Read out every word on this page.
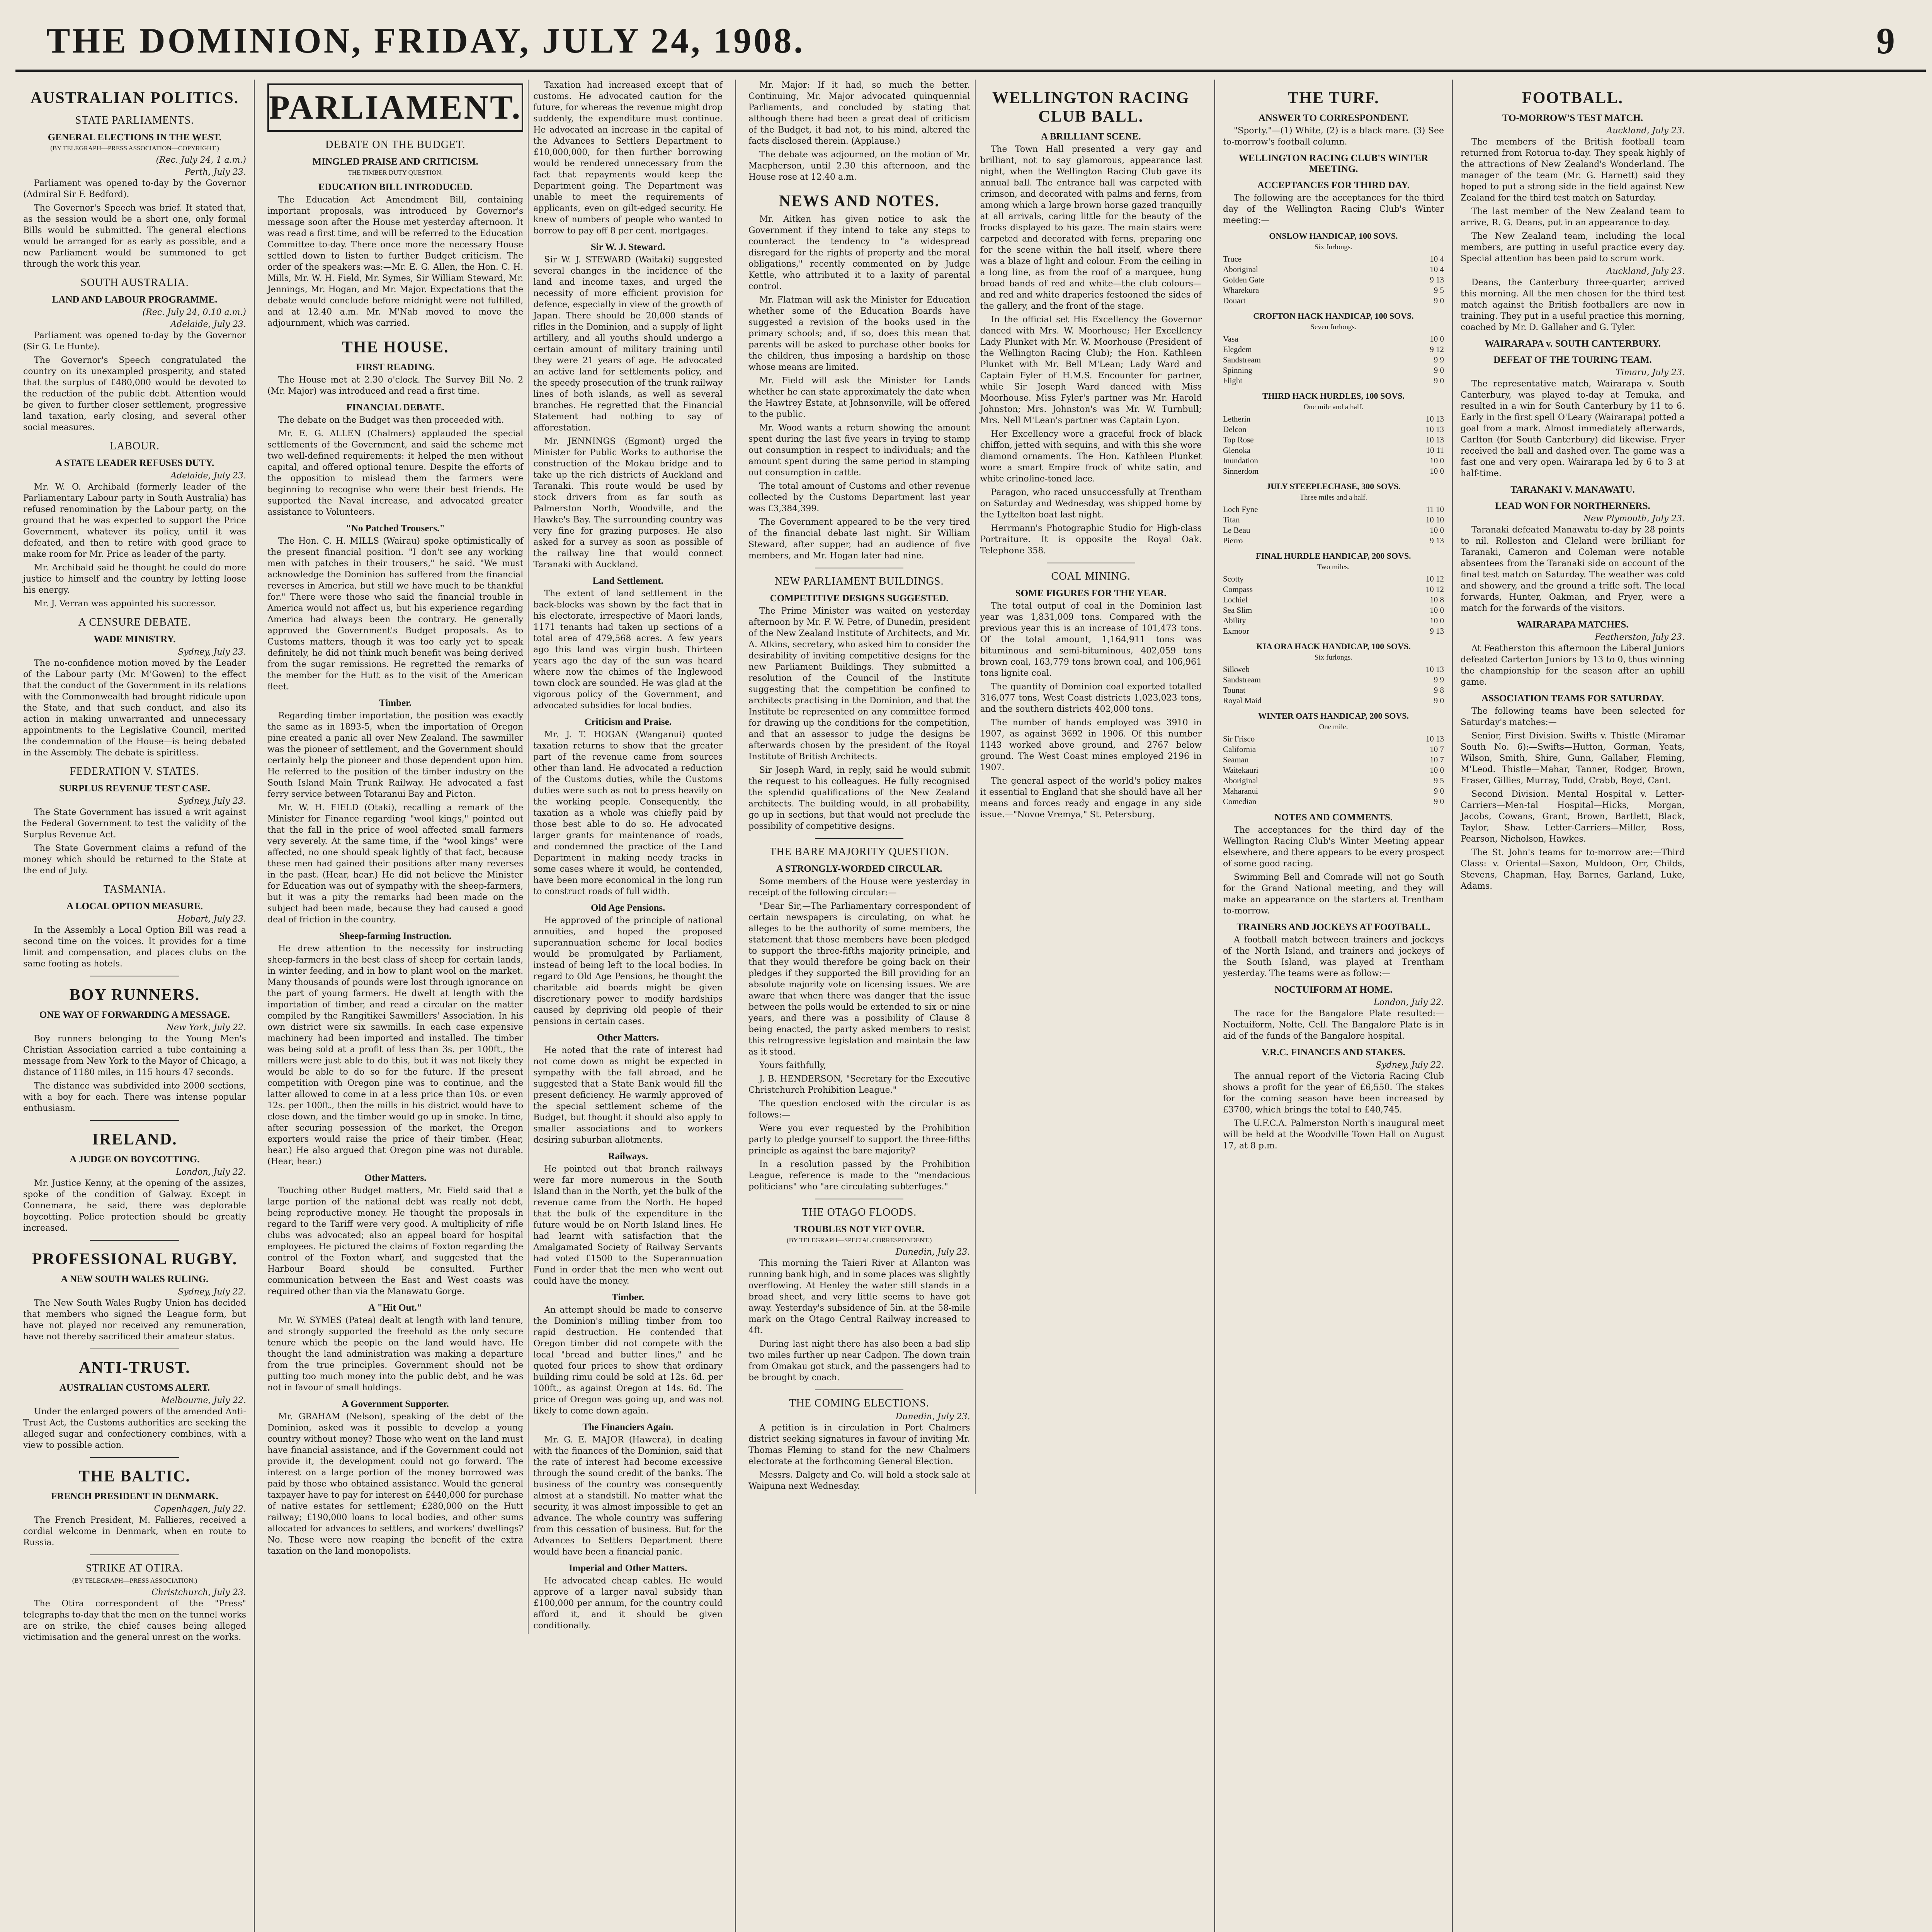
THE DOMINION, FRIDAY, JULY 24, 1908.	9
AUSTRALIAN POLITICS.
STATE PARLIAMENTS.
GENERAL ELECTIONS IN THE WEST.
(BY TELEGRAPH—PRESS ASSOCIATION—COPYRIGHT.)
(Rec. July 24, 1 a.m.)
Perth, July 23.

Parliament was opened to-day by the Governor (Admiral Sir F. Bedford).

The Governor's Speech was brief. It stated that, as the session would be a short one, only formal Bills would be submitted. The general elections would be arranged for as early as possible, and a new Parliament would be summoned to get through the work this year.

SOUTH AUSTRALIA.
LAND AND LABOUR PROGRAMME.
(Rec. July 24, 0.10 a.m.)
Adelaide, July 23.

Parliament was opened to-day by the Governor (Sir G. Le Hunte).

The Governor's Speech congratulated the country on its unexampled prosperity, and stated that the surplus of £480,000 would be devoted to the reduction of the public debt. Attention would be given to further closer settlement, progressive land taxation, early closing, and several other social measures.

LABOUR.
A STATE LEADER REFUSES DUTY.
Adelaide, July 23.

Mr. W. O. Archibald (formerly leader of the Parliamentary Labour party in South Australia) has refused renomination by the Labour party, on the ground that he was expected to support the Price Government, whatever its policy, until it was defeated, and then to retire with good grace to make room for Mr. Price as leader of the party.

Mr. Archibald said he thought he could do more justice to himself and the country by letting loose his energy.

Mr. J. Verran was appointed his successor.

A CENSURE DEBATE.
WADE MINISTRY.
Sydney, July 23.

The no-confidence motion moved by the Leader of the Labour party (Mr. M'Gowen) to the effect that the conduct of the Government in its relations with the Commonwealth had brought ridicule upon the State, and that such conduct, and also its action in making unwarranted and unnecessary appointments to the Legislative Council, merited the condemnation of the House—is being debated in the Assembly. The debate is spiritless.

FEDERATION V. STATES.
SURPLUS REVENUE TEST CASE.
Sydney, July 23.

The State Government has issued a writ against the Federal Government to test the validity of the Surplus Revenue Act.

The State Government claims a refund of the money which should be returned to the State at the end of July.

TASMANIA.
A LOCAL OPTION MEASURE.
Hobart, July 23.

In the Assembly a Local Option Bill was read a second time on the voices. It provides for a time limit and compensation, and places clubs on the same footing as hotels.

BOY RUNNERS.
ONE WAY OF FORWARDING A MESSAGE.
New York, July 22.

Boy runners belonging to the Young Men's Christian Association carried a tube containing a message from New York to the Mayor of Chicago, a distance of 1180 miles, in 115 hours 47 seconds.

The distance was subdivided into 2000 sections, with a boy for each. There was intense popular enthusiasm.

IRELAND.
A JUDGE ON BOYCOTTING.
London, July 22.

Mr. Justice Kenny, at the opening of the assizes, spoke of the condition of Galway. Except in Connemara, he said, there was deplorable boycotting. Police protection should be greatly increased.

PROFESSIONAL RUGBY.
A NEW SOUTH WALES RULING.
Sydney, July 22.

The New South Wales Rugby Union has decided that members who signed the League form, but have not played nor received any remuneration, have not thereby sacrificed their amateur status.

ANTI-TRUST.
AUSTRALIAN CUSTOMS ALERT.
Melbourne, July 22.

Under the enlarged powers of the amended Anti-Trust Act, the Customs authorities are seeking the alleged sugar and confectionery combines, with a view to possible action.

THE BALTIC.
FRENCH PRESIDENT IN DENMARK.
Copenhagen, July 22.

The French President, M. Fallieres, received a cordial welcome in Denmark, when en route to Russia.

STRIKE AT OTIRA.
(BY TELEGRAPH—PRESS ASSOCIATION.)
Christchurch, July 23.

The Otira correspondent of the "Press" telegraphs to-day that the men on the tunnel works are on strike, the chief causes being alleged victimisation and the general unrest on the works.

PARLIAMENT.
DEBATE ON THE BUDGET.
MINGLED PRAISE AND CRITICISM.
THE TIMBER DUTY QUESTION.
EDUCATION BILL INTRODUCED.

The Education Act Amendment Bill, containing important proposals, was introduced by Governor's message soon after the House met yesterday afternoon. It was read a first time, and will be referred to the Education Committee to-day. There once more the necessary House settled down to listen to further Budget criticism. The order of the speakers was:—Mr. E. G. Allen, the Hon. C. H. Mills, Mr. W. H. Field, Mr. Symes, Sir William Steward, Mr. Jennings, Mr. Hogan, and Mr. Major. Expectations that the debate would conclude before midnight were not fulfilled, and at 12.40 a.m. Mr. M'Nab moved to move the adjournment, which was carried.

THE HOUSE.
FIRST READING.

The House met at 2.30 o'clock. The Survey Bill No. 2 (Mr. Major) was introduced and read a first time.

FINANCIAL DEBATE.

The debate on the Budget was then proceeded with.

Mr. E. G. ALLEN (Chalmers) applauded the special settlements of the Government, and said the scheme met two well-defined requirements: it helped the men without capital, and offered optional tenure. Despite the efforts of the opposition to mislead them the farmers were beginning to recognise who were their best friends. He supported the Naval increase, and advocated greater assistance to Volunteers.

"No Patched Trousers."

The Hon. C. H. MILLS (Wairau) spoke optimistically of the present financial position. "I don't see any working men with patches in their trousers," he said. "We must acknowledge the Dominion has suffered from the financial reverses in America, but still we have much to be thankful for." There were those who said the financial trouble in America would not affect us, but his experience regarding America had always been the contrary. He generally approved the Government's Budget proposals. As to Customs matters, though it was too early yet to speak definitely, he did not think much benefit was being derived from the sugar remissions. He regretted the remarks of the member for the Hutt as to the visit of the American fleet.

Timber.

Regarding timber importation, the position was exactly the same as in 1893-5, when the importation of Oregon pine created a panic all over New Zealand. The sawmiller was the pioneer of settlement, and the Government should certainly help the pioneer and those dependent upon him. He referred to the position of the timber industry on the South Island Main Trunk Railway. He advocated a fast ferry service between Totaranui Bay and Picton.

Mr. W. H. FIELD (Otaki), recalling a remark of the Minister for Finance regarding "wool kings," pointed out that the fall in the price of wool affected small farmers very severely. At the same time, if the "wool kings" were affected, no one should speak lightly of that fact, because these men had gained their positions after many reverses in the past. (Hear, hear.) He did not believe the Minister for Education was out of sympathy with the sheep-farmers, but it was a pity the remarks had been made on the subject had been made, because they had caused a good deal of friction in the country.

Sheep-farming Instruction.

He drew attention to the necessity for instructing sheep-farmers in the best class of sheep for certain lands, in winter feeding, and in how to plant wool on the market. Many thousands of pounds were lost through ignorance on the part of young farmers. He dwelt at length with the importation of timber, and read a circular on the matter compiled by the Rangitikei Sawmillers' Association. In his own district were six sawmills. In each case expensive machinery had been imported and installed. The timber was being sold at a profit of less than 3s. per 100ft., the millers were just able to do this, but it was not likely they would be able to do so for the future. If the present competition with Oregon pine was to continue, and the latter allowed to come in at a less price than 10s. or even 12s. per 100ft., then the mills in his district would have to close down, and the timber would go up in smoke. In time, after securing possession of the market, the Oregon exporters would raise the price of their timber. (Hear, hear.) He also argued that Oregon pine was not durable. (Hear, hear.)

Other Matters.

Touching other Budget matters, Mr. Field said that a large portion of the national debt was really not debt, being reproductive money. He thought the proposals in regard to the Tariff were very good. A multiplicity of rifle clubs was advocated; also an appeal board for hospital employees. He pictured the claims of Foxton regarding the control of the Foxton wharf, and suggested that the Harbour Board should be consulted. Further communication between the East and West coasts was required other than via the Manawatu Gorge.

A "Hit Out."

Mr. W. SYMES (Patea) dealt at length with land tenure, and strongly supported the freehold as the only secure tenure which the people on the land would have. He thought the land administration was making a departure from the true principles. Government should not be putting too much money into the public debt, and he was not in favour of small holdings.

A Government Supporter.

Mr. GRAHAM (Nelson), speaking of the debt of the Dominion, asked was it possible to develop a young country without money? Those who went on the land must have financial assistance, and if the Government could not provide it, the development could not go forward. The interest on a large portion of the money borrowed was paid by those who obtained assistance. Would the general taxpayer have to pay for interest on £440,000 for purchase of native estates for settlement; £280,000 on the Hutt railway; £190,000 loans to local bodies, and other sums allocated for advances to settlers, and workers' dwellings? No. These were now reaping the benefit of the extra taxation on the land monopolists.

Taxation had increased except that of customs. He advocated caution for the future, for whereas the revenue might drop suddenly, the expenditure must continue. He advocated an increase in the capital of the Advances to Settlers Department to £10,000,000, for then further borrowing would be rendered unnecessary from the fact that repayments would keep the Department going. The Department was unable to meet the requirements of applicants, even on gilt-edged security. He knew of numbers of people who wanted to borrow to pay off 8 per cent. mortgages.

Sir W. J. Steward.

Sir W. J. STEWARD (Waitaki) suggested several changes in the incidence of the land and income taxes, and urged the necessity of more efficient provision for defence, especially in view of the growth of Japan. There should be 20,000 stands of rifles in the Dominion, and a supply of light artillery, and all youths should undergo a certain amount of military training until they were 21 years of age. He advocated an active land for settlements policy, and the speedy prosecution of the trunk railway lines of both islands, as well as several branches. He regretted that the Financial Statement had nothing to say of afforestation.

Mr. JENNINGS (Egmont) urged the Minister for Public Works to authorise the construction of the Mokau bridge and to take up the rich districts of Auckland and Taranaki. This route would be used by stock drivers from as far south as Palmerston North, Woodville, and the Hawke's Bay. The surrounding country was very fine for grazing purposes. He also asked for a survey as soon as possible of the railway line that would connect Taranaki with Auckland.

Land Settlement.

The extent of land settlement in the back-blocks was shown by the fact that in his electorate, irrespective of Maori lands, 1171 tenants had taken up sections of a total area of 479,568 acres. A few years ago this land was virgin bush. Thirteen years ago the day of the sun was heard where now the chimes of the Inglewood town clock are sounded. He was glad at the vigorous policy of the Government, and advocated subsidies for local bodies.

Criticism and Praise.

Mr. J. T. HOGAN (Wanganui) quoted taxation returns to show that the greater part of the revenue came from sources other than land. He advocated a reduction of the Customs duties, while the Customs duties were such as not to press heavily on the working people. Consequently, the taxation as a whole was chiefly paid by those best able to do so. He advocated larger grants for maintenance of roads, and condemned the practice of the Land Department in making needy tracks in some cases where it would, he contended, have been more economical in the long run to construct roads of full width.

Old Age Pensions.

He approved of the principle of national annuities, and hoped the proposed superannuation scheme for local bodies would be promulgated by Parliament, instead of being left to the local bodies. In regard to Old Age Pensions, he thought the charitable aid boards might be given discretionary power to modify hardships caused by depriving old people of their pensions in certain cases.

Other Matters.

He noted that the rate of interest had not come down as might be expected in sympathy with the fall abroad, and he suggested that a State Bank would fill the present deficiency. He warmly approved of the special settlement scheme of the Budget, but thought it should also apply to smaller associations and to workers desiring suburban allotments.

Railways.

He pointed out that branch railways were far more numerous in the South Island than in the North, yet the bulk of the revenue came from the North. He hoped that the bulk of the expenditure in the future would be on North Island lines. He had learnt with satisfaction that the Amalgamated Society of Railway Servants had voted £1500 to the Superannuation Fund in order that the men who went out could have the money.

Timber.

An attempt should be made to conserve the Dominion's milling timber from too rapid destruction. He contended that Oregon timber did not compete with the local "bread and butter lines," and he quoted four prices to show that ordinary building rimu could be sold at 12s. 6d. per 100ft., as against Oregon at 14s. 6d. The price of Oregon was going up, and was not likely to come down again.

The Financiers Again.

Mr. G. E. MAJOR (Hawera), in dealing with the finances of the Dominion, said that the rate of interest had become excessive through the sound credit of the banks. The business of the country was consequently almost at a standstill. No matter what the security, it was almost impossible to get an advance. The whole country was suffering from this cessation of business. But for the Advances to Settlers Department there would have been a financial panic.

Imperial and Other Matters.

He advocated cheap cables. He would approve of a larger naval subsidy than £100,000 per annum, for the country could afford it, and it should be given conditionally.

Mr. Major: If it had, so much the better. Continuing, Mr. Major advocated quinquennial Parliaments, and concluded by stating that although there had been a great deal of criticism of the Budget, it had not, to his mind, altered the facts disclosed therein. (Applause.)

The debate was adjourned, on the motion of Mr. Macpherson, until 2.30 this afternoon, and the House rose at 12.40 a.m.

NEWS AND NOTES.

Mr. Aitken has given notice to ask the Government if they intend to take any steps to counteract the tendency to "a widespread disregard for the rights of property and the moral obligations," recently commented on by Judge Kettle, who attributed it to a laxity of parental control.

Mr. Flatman will ask the Minister for Education whether some of the Education Boards have suggested a revision of the books used in the primary schools; and, if so, does this mean that parents will be asked to purchase other books for the children, thus imposing a hardship on those whose means are limited.

Mr. Field will ask the Minister for Lands whether he can state approximately the date when the Hawtrey Estate, at Johnsonville, will be offered to the public.

Mr. Wood wants a return showing the amount spent during the last five years in trying to stamp out consumption in respect to individuals; and the amount spent during the same period in stamping out consumption in cattle.

The total amount of Customs and other revenue collected by the Customs Department last year was £3,384,399.

The Government appeared to be the very tired of the financial debate last night. Sir William Steward, after supper, had an audience of five members, and Mr. Hogan later had nine.

NEW PARLIAMENT BUILDINGS.
COMPETITIVE DESIGNS SUGGESTED.

The Prime Minister was waited on yesterday afternoon by Mr. F. W. Petre, of Dunedin, president of the New Zealand Institute of Architects, and Mr. A. Atkins, secretary, who asked him to consider the desirability of inviting competitive designs for the new Parliament Buildings. They submitted a resolution of the Council of the Institute suggesting that the competition be confined to architects practising in the Dominion, and that the Institute be represented on any committee formed for drawing up the conditions for the competition, and that an assessor to judge the designs be afterwards chosen by the president of the Royal Institute of British Architects.

Sir Joseph Ward, in reply, said he would submit the request to his colleagues. He fully recognised the splendid qualifications of the New Zealand architects. The building would, in all probability, go up in sections, but that would not preclude the possibility of competitive designs.

THE BARE MAJORITY QUESTION.
A STRONGLY-WORDED CIRCULAR.

Some members of the House were yesterday in receipt of the following circular:—

"Dear Sir,—The Parliamentary correspondent of certain newspapers is circulating, on what he alleges to be the authority of some members, the statement that those members have been pledged to support the three-fifths majority principle, and that they would therefore be going back on their pledges if they supported the Bill providing for an absolute majority vote on licensing issues. We are aware that when there was danger that the issue between the polls would be extended to six or nine years, and there was a possibility of Clause 8 being enacted, the party asked members to resist this retrogressive legislation and maintain the law as it stood.

Yours faithfully,

J. B. HENDERSON, "Secretary for the Executive Christchurch Prohibition League."

The question enclosed with the circular is as follows:—

Were you ever requested by the Prohibition party to pledge yourself to support the three-fifths principle as against the bare majority?

In a resolution passed by the Prohibition League, reference is made to the "mendacious politicians" who "are circulating subterfuges."

THE OTAGO FLOODS.
TROUBLES NOT YET OVER.
(BY TELEGRAPH—SPECIAL CORRESPONDENT.)
Dunedin, July 23.

This morning the Taieri River at Allanton was running bank high, and in some places was slightly overflowing. At Henley the water still stands in a broad sheet, and very little seems to have got away. Yesterday's subsidence of 5in. at the 58-mile mark on the Otago Central Railway increased to 4ft.

During last night there has also been a bad slip two miles further up near Cadpon. The down train from Omakau got stuck, and the passengers had to be brought by coach.

THE COMING ELECTIONS.
Dunedin, July 23.

A petition is in circulation in Port Chalmers district seeking signatures in favour of inviting Mr. Thomas Fleming to stand for the new Chalmers electorate at the forthcoming General Election.

Messrs. Dalgety and Co. will hold a stock sale at Waipuna next Wednesday.

WELLINGTON RACING CLUB BALL.
A BRILLIANT SCENE.

The Town Hall presented a very gay and brilliant, not to say glamorous, appearance last night, when the Wellington Racing Club gave its annual ball. The entrance hall was carpeted with crimson, and decorated with palms and ferns, from among which a large brown horse gazed tranquilly at all arrivals, caring little for the beauty of the frocks displayed to his gaze. The main stairs were carpeted and decorated with ferns, preparing one for the scene within the hall itself, where there was a blaze of light and colour. From the ceiling in a long line, as from the roof of a marquee, hung broad bands of red and white—the club colours—and red and white draperies festooned the sides of the gallery, and the front of the stage.

In the official set His Excellency the Governor danced with Mrs. W. Moorhouse; Her Excellency Lady Plunket with Mr. W. Moorhouse (President of the Wellington Racing Club); the Hon. Kathleen Plunket with Mr. Bell M'Lean; Lady Ward and Captain Fyler of H.M.S. Encounter for partner, while Sir Joseph Ward danced with Miss Moorhouse. Miss Fyler's partner was Mr. Harold Johnston; Mrs. Johnston's was Mr. W. Turnbull; Mrs. Nell M'Lean's partner was Captain Lyon.

Her Excellency wore a graceful frock of black chiffon, jetted with sequins, and with this she wore diamond ornaments. The Hon. Kathleen Plunket wore a smart Empire frock of white satin, and white crinoline-toned lace.

Paragon, who raced unsuccessfully at Trentham on Saturday and Wednesday, was shipped home by the Lyttelton boat last night.

Herrmann's Photographic Studio for High-class Portraiture. It is opposite the Royal Oak. Telephone 358.

COAL MINING.
SOME FIGURES FOR THE YEAR.

The total output of coal in the Dominion last year was 1,831,009 tons. Compared with the previous year this is an increase of 101,473 tons. Of the total amount, 1,164,911 tons was bituminous and semi-bituminous, 402,059 tons brown coal, 163,779 tons brown coal, and 106,961 tons lignite coal.

The quantity of Dominion coal exported totalled 316,077 tons, West Coast districts 1,023,023 tons, and the southern districts 402,000 tons.

The number of hands employed was 3910 in 1907, as against 3692 in 1906. Of this number 1143 worked above ground, and 2767 below ground. The West Coast mines employed 2196 in 1907.

The general aspect of the world's policy makes it essential to England that she should have all her means and forces ready and engage in any side issue.—"Novoe Vremya," St. Petersburg.

THE TURF.
ANSWER TO CORRESPONDENT.

"Sporty."—(1) White, (2) is a black mare. (3) See to-morrow's football column.

WELLINGTON RACING CLUB'S WINTER MEETING.
ACCEPTANCES FOR THIRD DAY.

The following are the acceptances for the third day of the Wellington Racing Club's Winter meeting:—

ONSLOW HANDICAP, 100 SOVS.
Six furlongs.
Truce	10 4
Aboriginal	10 4
Golden Gate	9 13
Wharekura	9 5
Douart	9 0
CROFTON HACK HANDICAP, 100 SOVS.
Seven furlongs.
Vasa	10 0
Elegdem	9 12
Sandstream	9 9
Spinning	9 0
Flight	9 0
THIRD HACK HURDLES, 100 SOVS.
One mile and a half.
Letherin	10 13
Delcon	10 13
Top Rose	10 13
Glenoka	10 11
Inundation	10 0
Sinnerdom	10 0
JULY STEEPLECHASE, 300 SOVS.
Three miles and a half.
Loch Fyne	11 10
Titan	10 10
Le Beau	10 0
Pierro	9 13
FINAL HURDLE HANDICAP, 200 SOVS.
Two miles.
Scotty	10 12
Compass	10 12
Lochiel	10 8
Sea Slim	10 0
Ability	10 0
Exmoor	9 13
KIA ORA HACK HANDICAP, 100 SOVS.
Six furlongs.
Silkweb	10 13
Sandstream	9 9
Tounat	9 8
Royal Maid	9 0
WINTER OATS HANDICAP, 200 SOVS.
One mile.
Sir Frisco	10 13
California	10 7
Seaman	10 7
Waitekauri	10 0
Aboriginal	9 5
Maharanui	9 0
Comedian	9 0
NOTES AND COMMENTS.

The acceptances for the third day of the Wellington Racing Club's Winter Meeting appear elsewhere, and there appears to be every prospect of some good racing.

Swimming Bell and Comrade will not go South for the Grand National meeting, and they will make an appearance on the starters at Trentham to-morrow.

TRAINERS AND JOCKEYS AT FOOTBALL.

A football match between trainers and jockeys of the North Island, and trainers and jockeys of the South Island, was played at Trentham yesterday. The teams were as follow:—

NOCTUIFORM AT HOME.
London, July 22.

The race for the Bangalore Plate resulted:—Noctuiform, Nolte, Cell. The Bangalore Plate is in aid of the funds of the Bangalore hospital.

V.R.C. FINANCES AND STAKES.
Sydney, July 22.

The annual report of the Victoria Racing Club shows a profit for the year of £6,550. The stakes for the coming season have been increased by £3700, which brings the total to £40,745.

The U.F.C.A. Palmerston North's inaugural meet will be held at the Woodville Town Hall on August 17, at 8 p.m.

FOOTBALL.
TO-MORROW'S TEST MATCH.
Auckland, July 23.

The members of the British football team returned from Rotorua to-day. They speak highly of the attractions of New Zealand's Wonderland. The manager of the team (Mr. G. Harnett) said they hoped to put a strong side in the field against New Zealand for the third test match on Saturday.

The last member of the New Zealand team to arrive, R. G. Deans, put in an appearance to-day.

The New Zealand team, including the local members, are putting in useful practice every day. Special attention has been paid to scrum work.

Auckland, July 23.

Deans, the Canterbury three-quarter, arrived this morning. All the men chosen for the third test match against the British footballers are now in training. They put in a useful practice this morning, coached by Mr. D. Gallaher and G. Tyler.

WAIRARAPA v. SOUTH CANTERBURY.
DEFEAT OF THE TOURING TEAM.
Timaru, July 23.

The representative match, Wairarapa v. South Canterbury, was played to-day at Temuka, and resulted in a win for South Canterbury by 11 to 6. Early in the first spell O'Leary (Wairarapa) potted a goal from a mark. Almost immediately afterwards, Carlton (for South Canterbury) did likewise. Fryer received the ball and dashed over. The game was a fast one and very open. Wairarapa led by 6 to 3 at half-time.

TARANAKI V. MANAWATU.
LEAD WON FOR NORTHERNERS.
New Plymouth, July 23.

Taranaki defeated Manawatu to-day by 28 points to nil. Rolleston and Cleland were brilliant for Taranaki, Cameron and Coleman were notable absentees from the Taranaki side on account of the final test match on Saturday. The weather was cold and showery, and the ground a trifle soft. The local forwards, Hunter, Oakman, and Fryer, were a match for the forwards of the visitors.

WAIRARAPA MATCHES.
Featherston, July 23.

At Featherston this afternoon the Liberal Juniors defeated Carterton Juniors by 13 to 0, thus winning the championship for the season after an uphill game.

ASSOCIATION TEAMS FOR SATURDAY.

The following teams have been selected for Saturday's matches:—

Senior, First Division. Swifts v. Thistle (Miramar South No. 6):—Swifts—Hutton, Gorman, Yeats, Wilson, Smith, Shire, Gunn, Gallaher, Fleming, M'Leod. Thistle—Mahar, Tanner, Rodger, Brown, Fraser, Gillies, Murray, Todd, Crabb, Boyd, Cant.

Second Division. Mental Hospital v. Letter-Carriers—Men-tal Hospital—Hicks, Morgan, Jacobs, Cowans, Grant, Brown, Bartlett, Black, Taylor, Shaw. Letter-Carriers—Miller, Ross, Pearson, Nicholson, Hawkes.

The St. John's teams for to-morrow are:—Third Class: v. Oriental—Saxon, Muldoon, Orr, Childs, Stevens, Chapman, Hay, Barnes, Garland, Luke, Adams.
